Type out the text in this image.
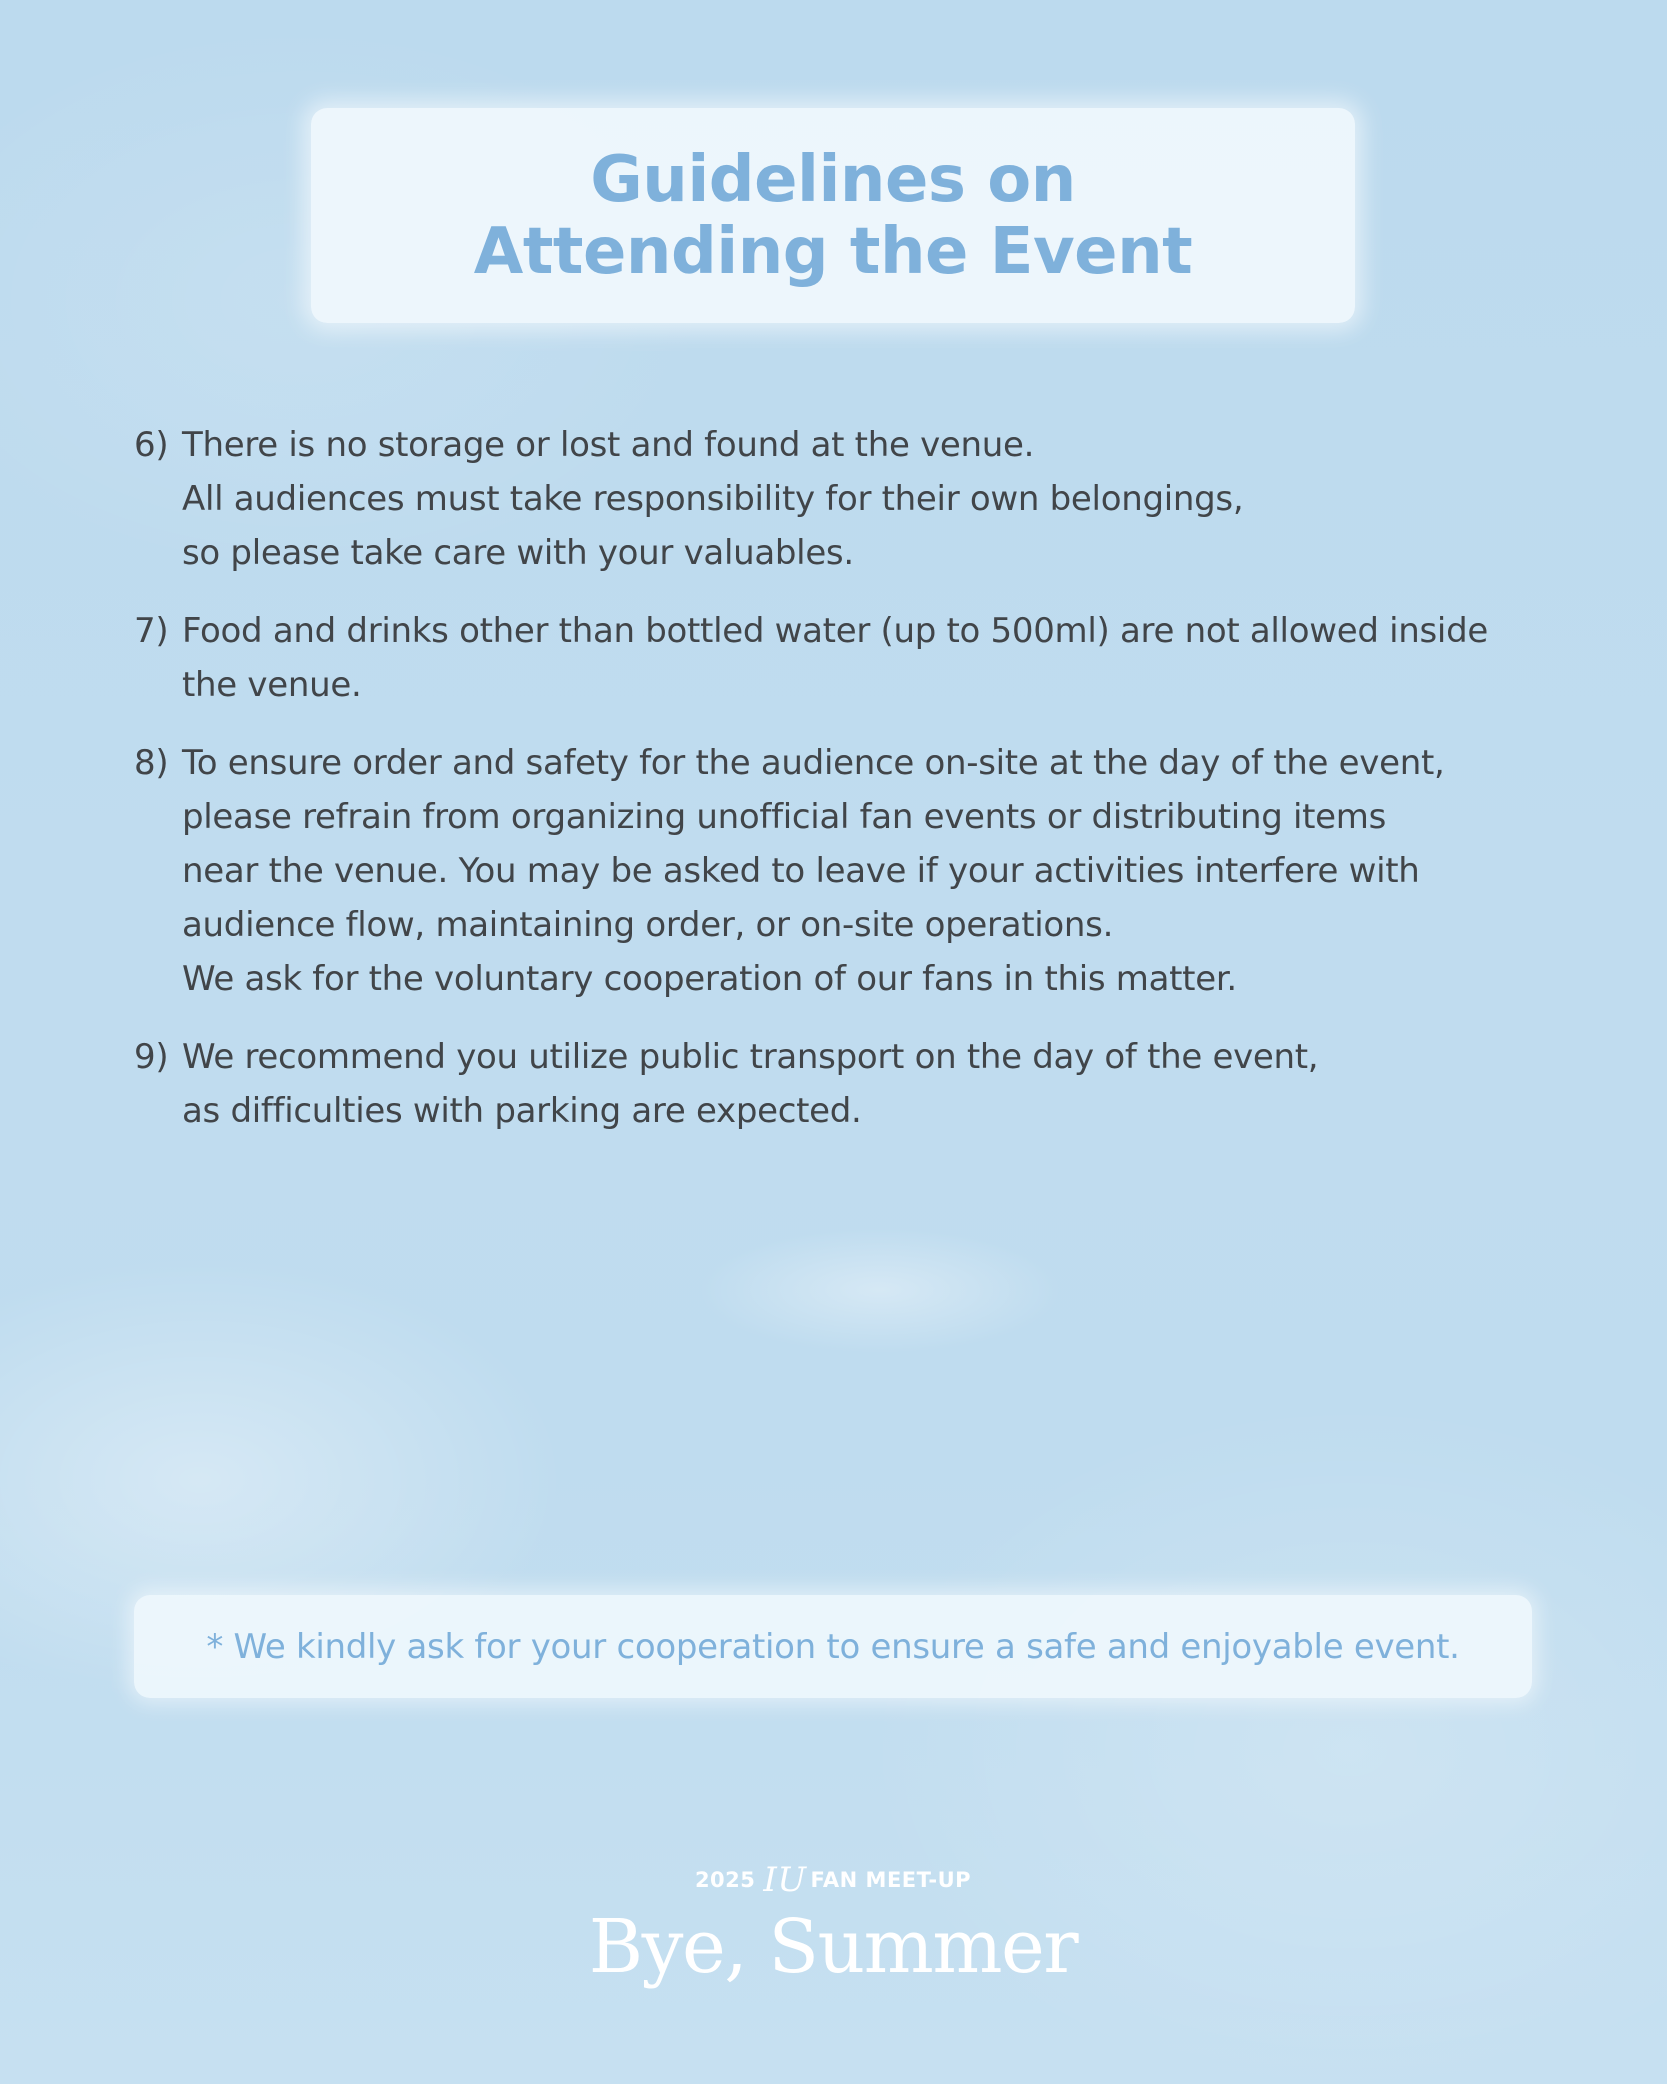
Guidelines on
Attending the Event
6) There is no storage or lost and found at the venue.
All audiences must take responsibility for their own belongings,
so please take care with your valuables.
7) Food and drinks other than bottled water (up to 500ml) are not allowed inside
the venue.
8) To ensure order and safety for the audience on-site at the day of the event,
please refrain from organizing unofficial fan events or distributing items
near the venue. You may be asked to leave if your activities interfere with
audience flow, maintaining order, or on-site operations.
We ask for the voluntary cooperation of our fans in this matter.
9) We recommend you utilize public transport on the day of the event,
as difficulties with parking are expected.
* We kindly ask for your cooperation to ensure a safe and enjoyable event.
2025 IU FAN MEET-UP
Bye, Summer
